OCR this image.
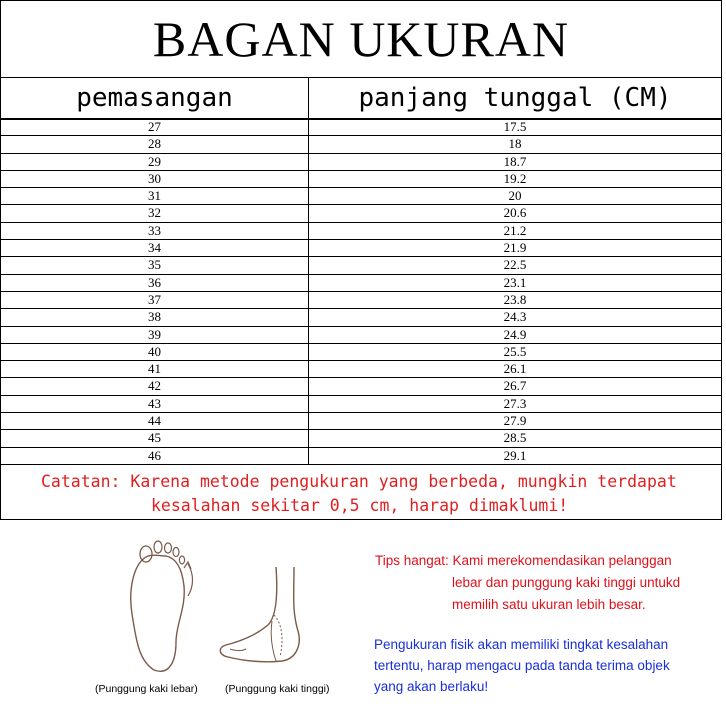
BAGAN UKURAN
pemasangan	panjang tunggal (CM)
27	17.5
28	18
29	18.7
30	19.2
31	20
32	20.6
33	21.2
34	21.9
35	22.5
36	23.1
37	23.8
38	24.3
39	24.9
40	25.5
41	26.1
42	26.7
43	27.3
44	27.9
45	28.5
46	29.1
Catatan: Karena metode pengukuran yang berbeda, mungkin terdapat
kesalahan sekitar 0,5 cm, harap dimaklumi!
(Punggung kaki lebar)	(Punggung kaki tinggi)
Tips hangat: Kami merekomendasikan pelanggan
lebar dan punggung kaki tinggi untukd
memilih satu ukuran lebih besar.
Pengukuran fisik akan memiliki tingkat kesalahan
tertentu, harap mengacu pada tanda terima objek
yang akan berlaku!
